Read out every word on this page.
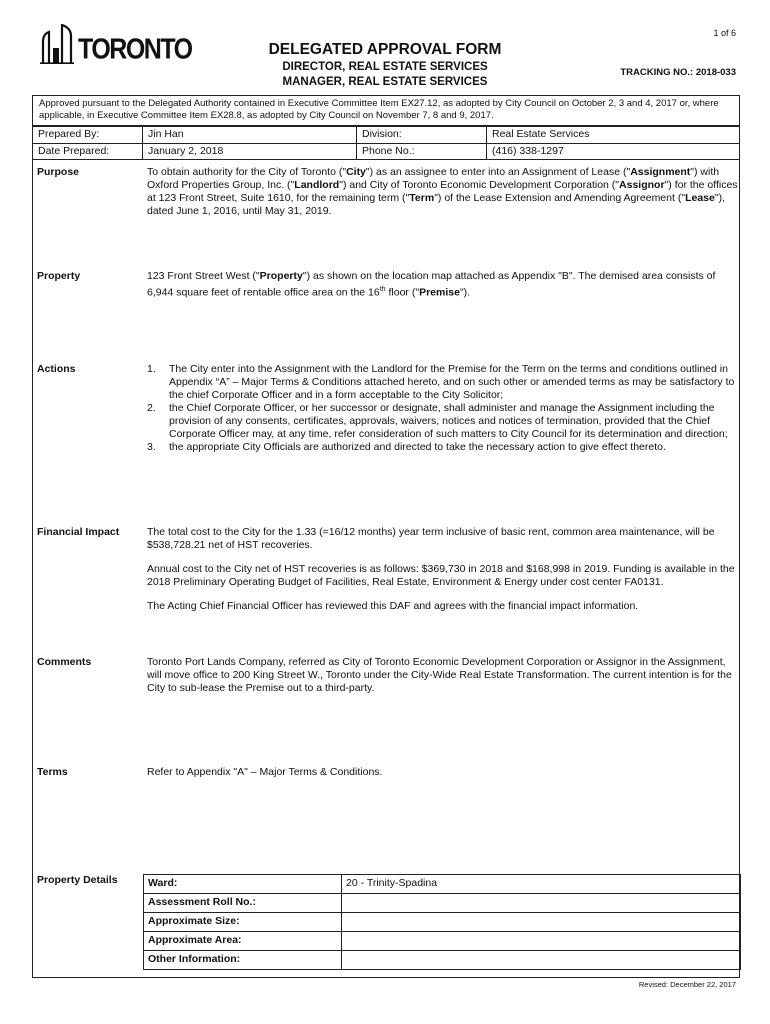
1 of 6
TORONTO	DELEGATED APPROVAL FORM
DIRECTOR, REAL ESTATE SERVICES
MANAGER, REAL ESTATE SERVICES
TRACKING NO.: 2018-033
Approved pursuant to the Delegated Authority contained in Executive Committee Item EX27.12, as adopted by City Council on October 2, 3 and 4, 2017 or, where applicable, in Executive Committee Item EX28.8, as adopted by City Council on November 7, 8 and 9, 2017.
Prepared By:	Jin Han	Division:	Real Estate Services
Date Prepared:	January 2, 2018	Phone No.:	(416) 338-1297
Purpose	To obtain authority for the City of Toronto ("City") as an assignee to enter into an Assignment of Lease ("Assignment") with Oxford Properties Group, Inc. ("Landlord") and City of Toronto Economic Development Corporation ("Assignor") for the offices at 123 Front Street, Suite 1610, for the remaining term ("Term") of the Lease Extension and Amending Agreement ("Lease"), dated June 1, 2016, until May 31, 2019.
Property	123 Front Street West ("Property") as shown on the location map attached as Appendix "B". The demised area consists of 6,944 square feet of rentable office area on the 16th floor ("Premise").
Actions	1. The City enter into the Assignment with the Landlord for the Premise for the Term on the terms and conditions outlined in Appendix “A” – Major Terms & Conditions attached hereto, and on such other or amended terms as may be satisfactory to the chief Corporate Officer and in a form acceptable to the City Solicitor;
2. the Chief Corporate Officer, or her successor or designate, shall administer and manage the Assignment including the provision of any consents, certificates, approvals, waivers, notices and notices of termination, provided that the Chief Corporate Officer may, at any time, refer consideration of such matters to City Council for its determination and direction;
3. the appropriate City Officials are authorized and directed to take the necessary action to give effect thereto.
Financial Impact	The total cost to the City for the 1.33 (=16/12 months) year term inclusive of basic rent, common area maintenance, will be $538,728.21 net of HST recoveries.

Annual cost to the City net of HST recoveries is as follows: $369,730 in 2018 and $168,998 in 2019. Funding is available in the 2018 Preliminary Operating Budget of Facilities, Real Estate, Environment & Energy under cost center FA0131.

The Acting Chief Financial Officer has reviewed this DAF and agrees with the financial impact information.

Comments	Toronto Port Lands Company, referred as City of Toronto Economic Development Corporation or Assignor in the Assignment, will move office to 200 King Street W., Toronto under the City-Wide Real Estate Transformation. The current intention is for the City to sub-lease the Premise out to a third-party.
Terms	Refer to Appendix "A" – Major Terms & Conditions.
Property Details	Ward:	20 - Trinity-Spadina
Assessment Roll No.:	
Approximate Size:	
Approximate Area:	
Other Information:	
Revised: December 22, 2017
